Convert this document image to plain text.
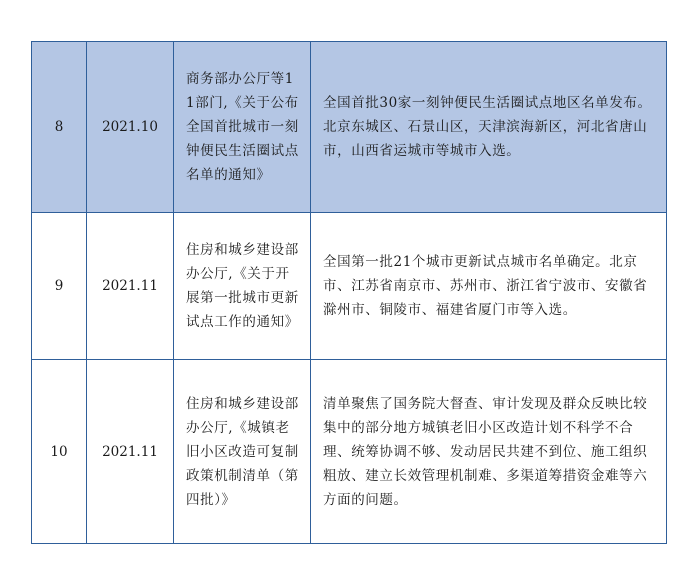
8	2021.10	商务部办公厅等11部门,《关于公布全国首批城市一刻钟便民生活圈试点名单的通知》	全国首批30家一刻钟便民生活圈试点地区名单发布。北京东城区、石景山区，天津滨海新区，河北省唐山市，山西省运城市等城市入选。
9	2021.11	住房和城乡建设部办公厅,《关于开展第一批城市更新试点工作的通知》	全国第一批21个城市更新试点城市名单确定。北京市、江苏省南京市、苏州市、浙江省宁波市、安徽省滁州市、铜陵市、福建省厦门市等入选。
10	2021.11	住房和城乡建设部办公厅,《城镇老旧小区改造可复制政策机制清单（第四批）》	清单聚焦了国务院大督查、审计发现及群众反映比较集中的部分地方城镇老旧小区改造计划不科学不合理、统筹协调不够、发动居民共建不到位、施工组织粗放、建立长效管理机制难、多渠道筹措资金难等六方面的问题。
